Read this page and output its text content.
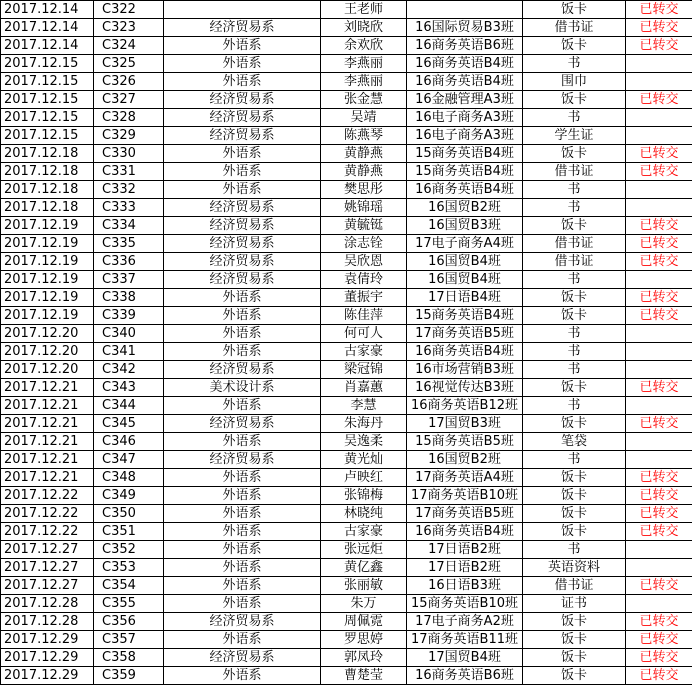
2017.12.14	C322		王老师		饭卡	已转交
2017.12.14	C323	经济贸易系	刘晓欣	16国际贸易B3班	借书证	已转交
2017.12.14	C324	外语系	余欢欣	16商务英语B6班	饭卡	已转交
2017.12.15	C325	外语系	李燕丽	16商务英语B4班	书	
2017.12.15	C326	外语系	李燕丽	16商务英语B4班	围巾	
2017.12.15	C327	经济贸易系	张金慧	16金融管理A3班	饭卡	已转交
2017.12.15	C328	经济贸易系	吴靖	16电子商务A3班	书	
2017.12.15	C329	经济贸易系	陈燕琴	16电子商务A3班	学生证	
2017.12.18	C330	外语系	黄静燕	15商务英语B4班	饭卡	已转交
2017.12.18	C331	外语系	黄静燕	15商务英语B4班	借书证	已转交
2017.12.18	C332	外语系	樊思彤	16商务英语B4班	书	
2017.12.18	C333	经济贸易系	姚锦瑶	16国贸B2班	书	
2017.12.19	C334	经济贸易系	黄毓铤	16国贸B3班	饭卡	已转交
2017.12.19	C335	经济贸易系	涂志铨	17电子商务A4班	借书证	已转交
2017.12.19	C336	经济贸易系	吴欣恩	16国贸B4班	借书证	已转交
2017.12.19	C337	经济贸易系	袁倩玲	16国贸B4班	书	
2017.12.19	C338	外语系	董振宇	17日语B4班	饭卡	已转交
2017.12.19	C339	外语系	陈佳萍	15商务英语B4班	饭卡	已转交
2017.12.20	C340	外语系	何可人	17商务英语B5班	书	
2017.12.20	C341	外语系	古家豪	16商务英语B4班	书	
2017.12.20	C342	经济贸易系	梁冠锦	16市场营销B3班	书	
2017.12.21	C343	美术设计系	肖嘉蕙	16视觉传达B3班	饭卡	已转交
2017.12.21	C344	外语系	李慧	16商务英语B12班	书	
2017.12.21	C345	经济贸易系	朱海丹	17国贸B3班	饭卡	已转交
2017.12.21	C346	外语系	吴逸柔	15商务英语B5班	笔袋	
2017.12.21	C347	经济贸易系	黄光灿	16国贸B2班	书	
2017.12.21	C348	外语系	卢映红	17商务英语A4班	饭卡	已转交
2017.12.22	C349	外语系	张锦梅	17商务英语B10班	饭卡	已转交
2017.12.22	C350	外语系	林晓纯	17商务英语B5班	饭卡	已转交
2017.12.22	C351	外语系	古家豪	16商务英语B4班	饭卡	已转交
2017.12.27	C352	外语系	张远炬	17日语B2班	书	
2017.12.27	C353	外语系	黄亿鑫	17日语B2班	英语资料	
2017.12.27	C354	外语系	张丽敏	16日语B3班	借书证	已转交
2017.12.28	C355	外语系	朱万	15商务英语B10班	证书	
2017.12.28	C356	经济贸易系	周佩霓	17电子商务A2班	饭卡	已转交
2017.12.29	C357	外语系	罗思婷	17商务英语B11班	饭卡	已转交
2017.12.29	C358	经济贸易系	郭凤玲	17国贸B4班	饭卡	已转交
2017.12.29	C359	外语系	曹楚莹	16商务英语B6班	饭卡	已转交
